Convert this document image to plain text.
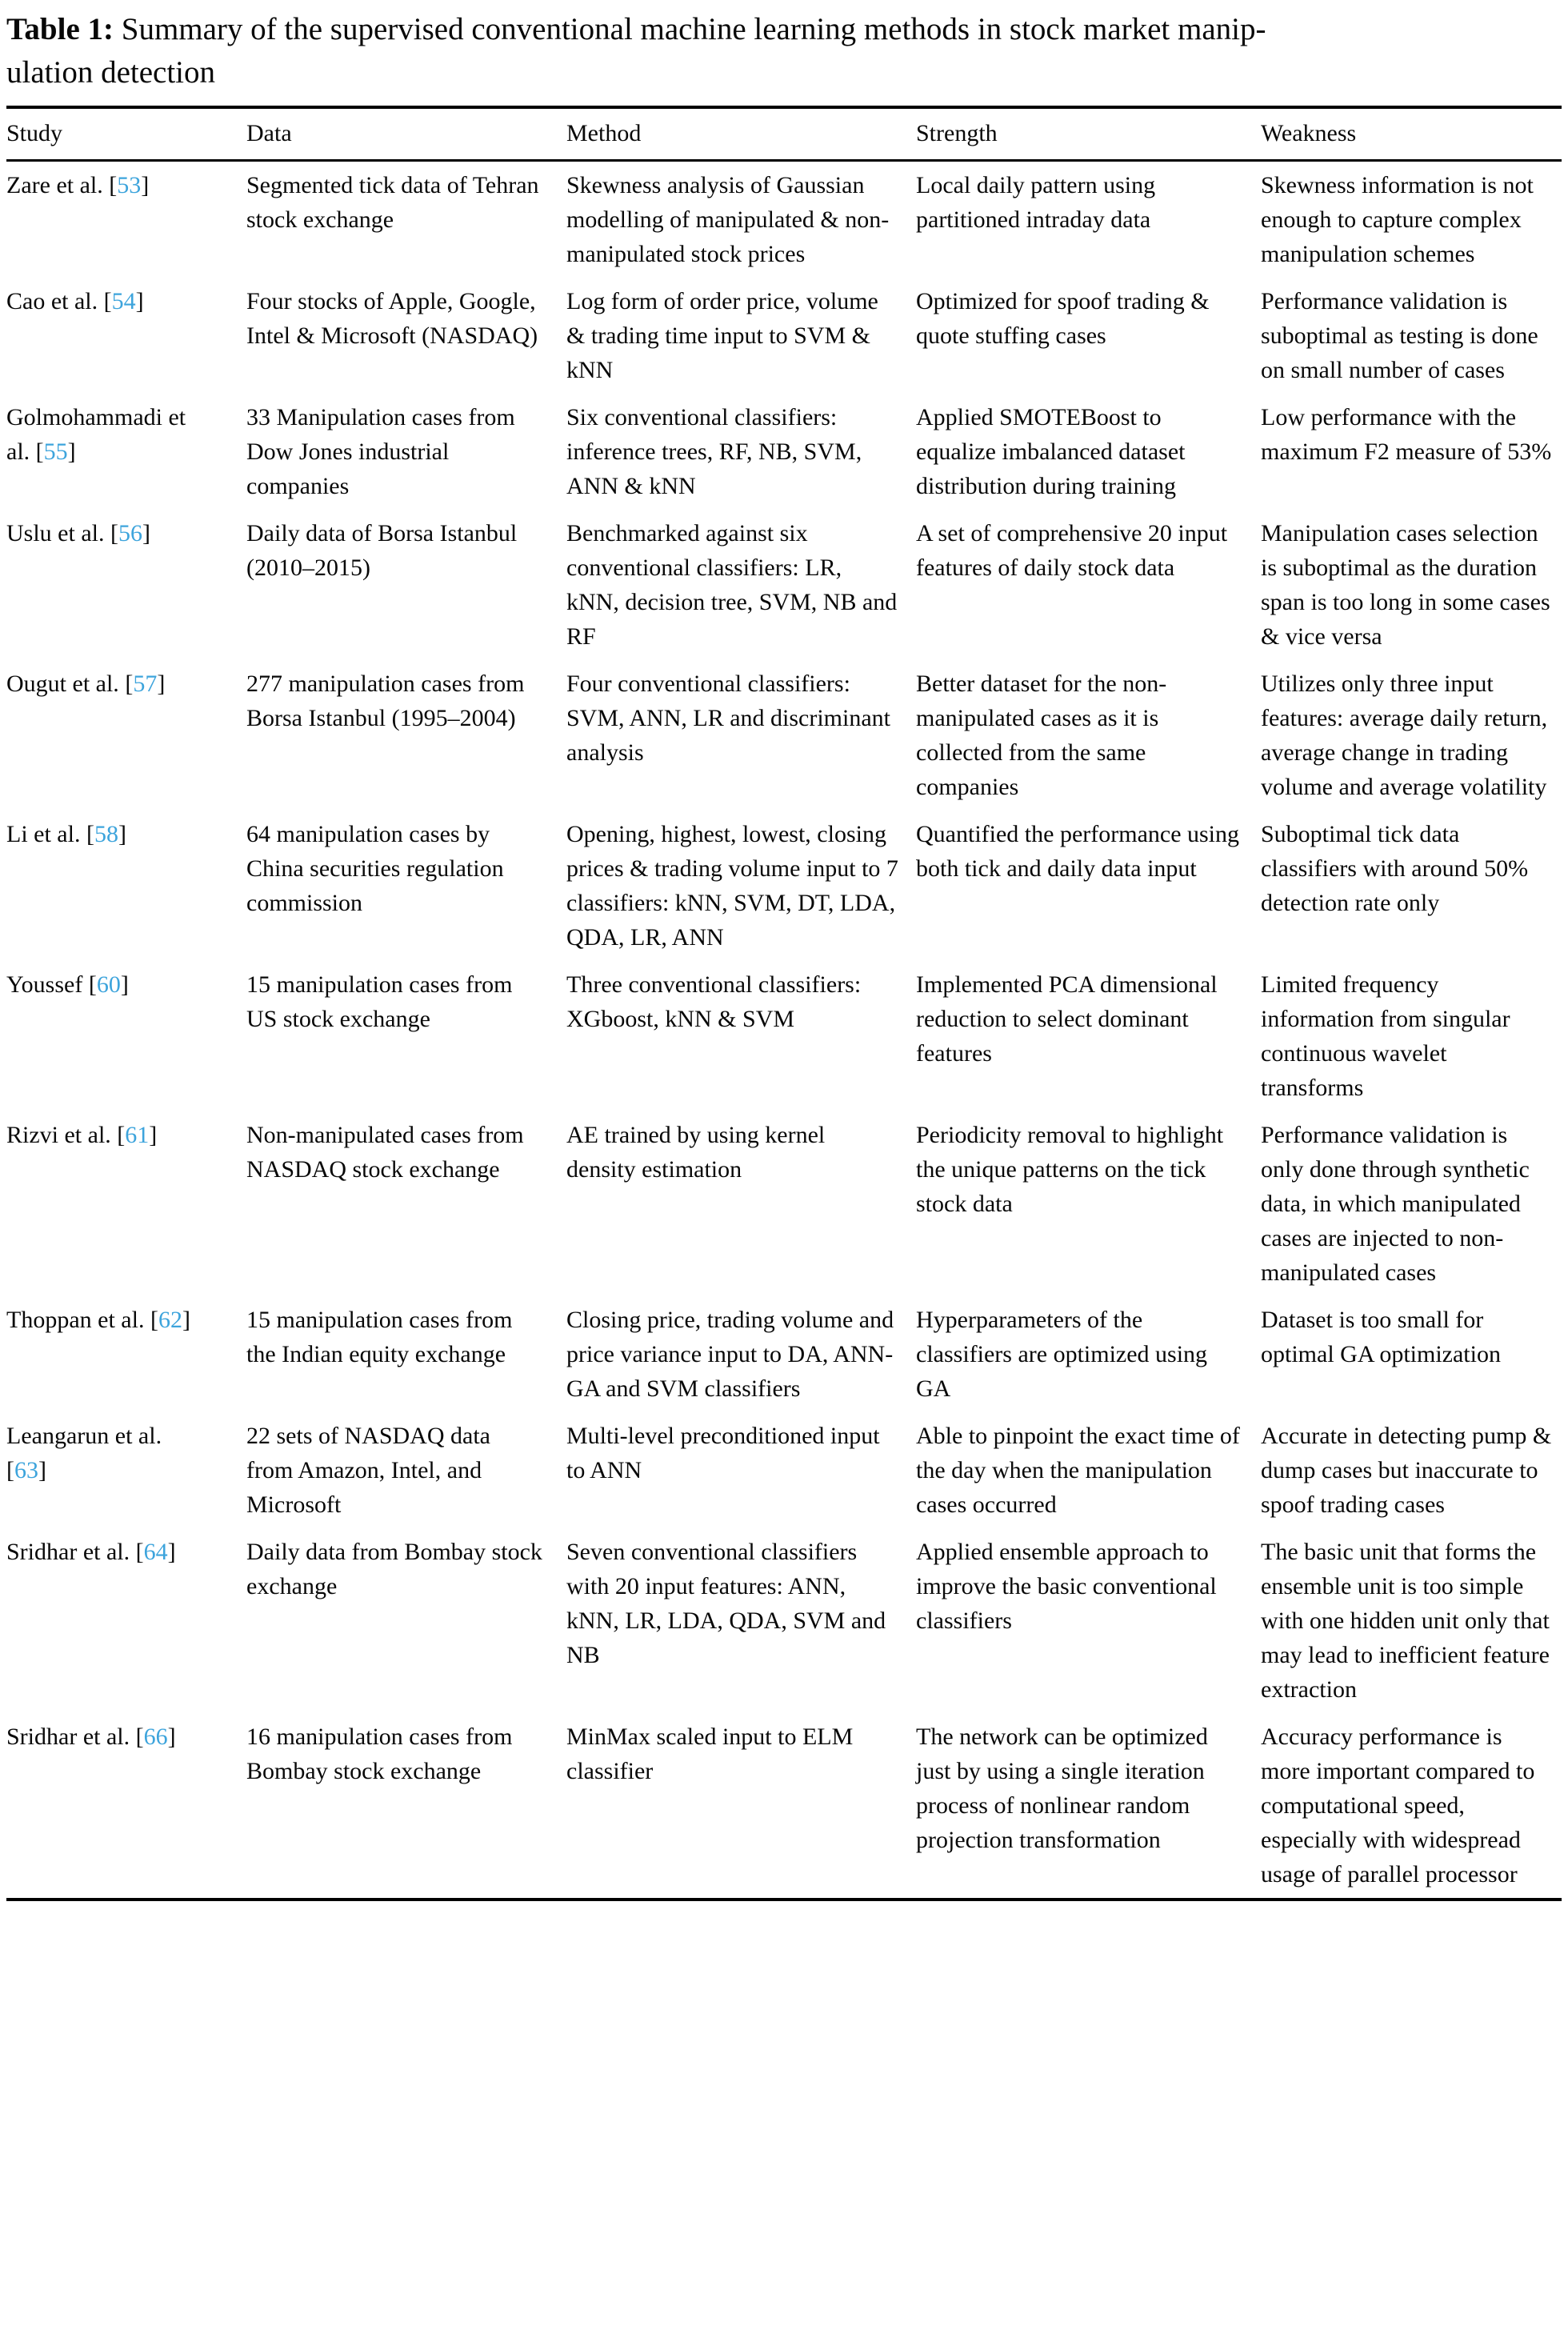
Table 1: Summary of the supervised conventional machine learning methods in stock market manip-
ulation detection

Study	Data	Method	Strength	Weakness
Zare et al. [53]	Segmented tick data of Tehran stock exchange	Skewness analysis of Gaussian modelling of manipulated & non-manipulated stock prices	Local daily pattern using partitioned intraday data	Skewness information is not enough to capture complex manipulation schemes
Cao et al. [54]	Four stocks of Apple, Google, Intel & Microsoft (NASDAQ)	Log form of order price, volume & trading time input to SVM & kNN	Optimized for spoof trading & quote stuffing cases	Performance validation is suboptimal as testing is done on small number of cases
Golmohammadi et al. [55]	33 Manipulation cases from Dow Jones industrial companies	Six conventional classifiers: inference trees, RF, NB, SVM, ANN & kNN	Applied SMOTEBoost to equalize imbalanced dataset distribution during training	Low performance with the maximum F2 measure of 53%
Uslu et al. [56]	Daily data of Borsa Istanbul (2010–2015)	Benchmarked against six conventional classifiers: LR, kNN, decision tree, SVM, NB and RF	A set of comprehensive 20 input features of daily stock data	Manipulation cases selection is suboptimal as the duration span is too long in some cases & vice versa
Ougut et al. [57]	277 manipulation cases from Borsa Istanbul (1995–2004)	Four conventional classifiers: SVM, ANN, LR and discriminant analysis	Better dataset for the non-manipulated cases as it is collected from the same companies	Utilizes only three input features: average daily return, average change in trading volume and average volatility
Li et al. [58]	64 manipulation cases by China securities regulation commission	Opening, highest, lowest, closing prices & trading volume input to 7 classifiers: kNN, SVM, DT, LDA, QDA, LR, ANN	Quantified the performance using both tick and daily data input	Suboptimal tick data classifiers with around 50% detection rate only
Youssef [60]	15 manipulation cases from US stock exchange	Three conventional classifiers: XGboost, kNN & SVM	Implemented PCA dimensional reduction to select dominant features	Limited frequency information from singular continuous wavelet transforms
Rizvi et al. [61]	Non-manipulated cases from NASDAQ stock exchange	AE trained by using kernel density estimation	Periodicity removal to highlight the unique patterns on the tick stock data	Performance validation is only done through synthetic data, in which manipulated cases are injected to non-manipulated cases
Thoppan et al. [62]	15 manipulation cases from the Indian equity exchange	Closing price, trading volume and price variance input to DA, ANN-GA and SVM classifiers	Hyperparameters of the classifiers are optimized using GA	Dataset is too small for optimal GA optimization
Leangarun et al. [63]	22 sets of NASDAQ data from Amazon, Intel, and Microsoft	Multi-level preconditioned input to ANN	Able to pinpoint the exact time of the day when the manipulation cases occurred	Accurate in detecting pump & dump cases but inaccurate to spoof trading cases
Sridhar et al. [64]	Daily data from Bombay stock exchange	Seven conventional classifiers with 20 input features: ANN, kNN, LR, LDA, QDA, SVM and NB	Applied ensemble approach to improve the basic conventional classifiers	The basic unit that forms the ensemble unit is too simple with one hidden unit only that may lead to inefficient feature extraction
Sridhar et al. [66]	16 manipulation cases from Bombay stock exchange	MinMax scaled input to ELM classifier	The network can be optimized just by using a single iteration process of nonlinear random projection transformation	Accuracy performance is more important compared to computational speed, especially with widespread usage of parallel processor
